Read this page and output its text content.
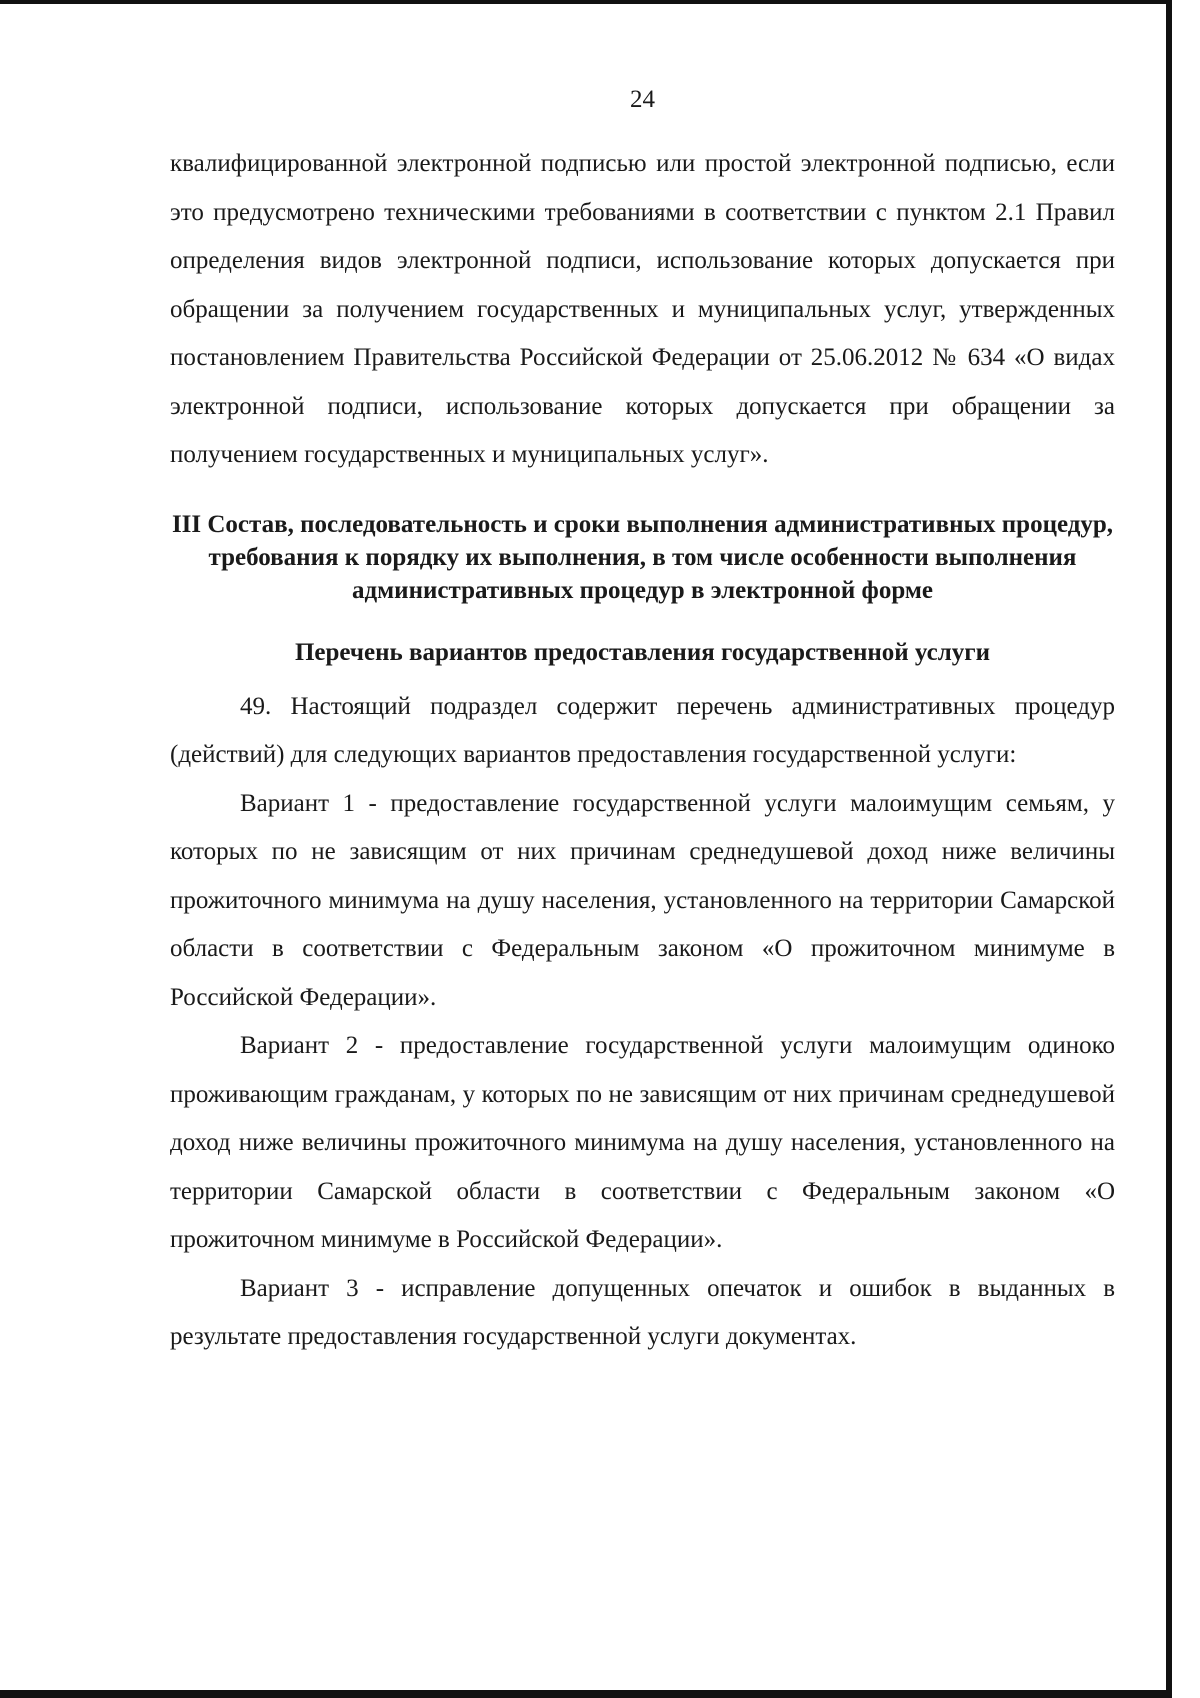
24

квалифицированной электронной подписью или простой электронной подписью, если это предусмотрено техническими требованиями в соответствии с пунктом 2.1 Правил определения видов электронной подписи, использование которых допускается при обращении за получением государственных и муниципальных услуг, утвержденных постановлением Правительства Российской Федерации от 25.06.2012 № 634 «О видах электронной подписи, использование которых допускается при обращении за получением государственных и муниципальных услуг».

III Состав, последовательность и сроки выполнения административных процедур, требования к порядку их выполнения, в том числе особенности выполнения административных процедур в электронной форме
Перечень вариантов предоставления государственной услуги

49. Настоящий подраздел содержит перечень административных процедур (действий) для следующих вариантов предоставления государственной услуги:

Вариант 1 - предоставление государственной услуги малоимущим семьям, у которых по не зависящим от них причинам среднедушевой доход ниже величины прожиточного минимума на душу населения, установленного на территории Самарской области в соответствии с Федеральным законом «О прожиточном минимуме в Российской Федерации».

Вариант 2 - предоставление государственной услуги малоимущим одиноко проживающим гражданам, у которых по не зависящим от них причинам среднедушевой доход ниже величины прожиточного минимума на душу населения, установленного на территории Самарской области в соответствии с Федеральным законом «О прожиточном минимуме в Российской Федерации».

Вариант 3 - исправление допущенных опечаток и ошибок в выданных в результате предоставления государственной услуги документах.
